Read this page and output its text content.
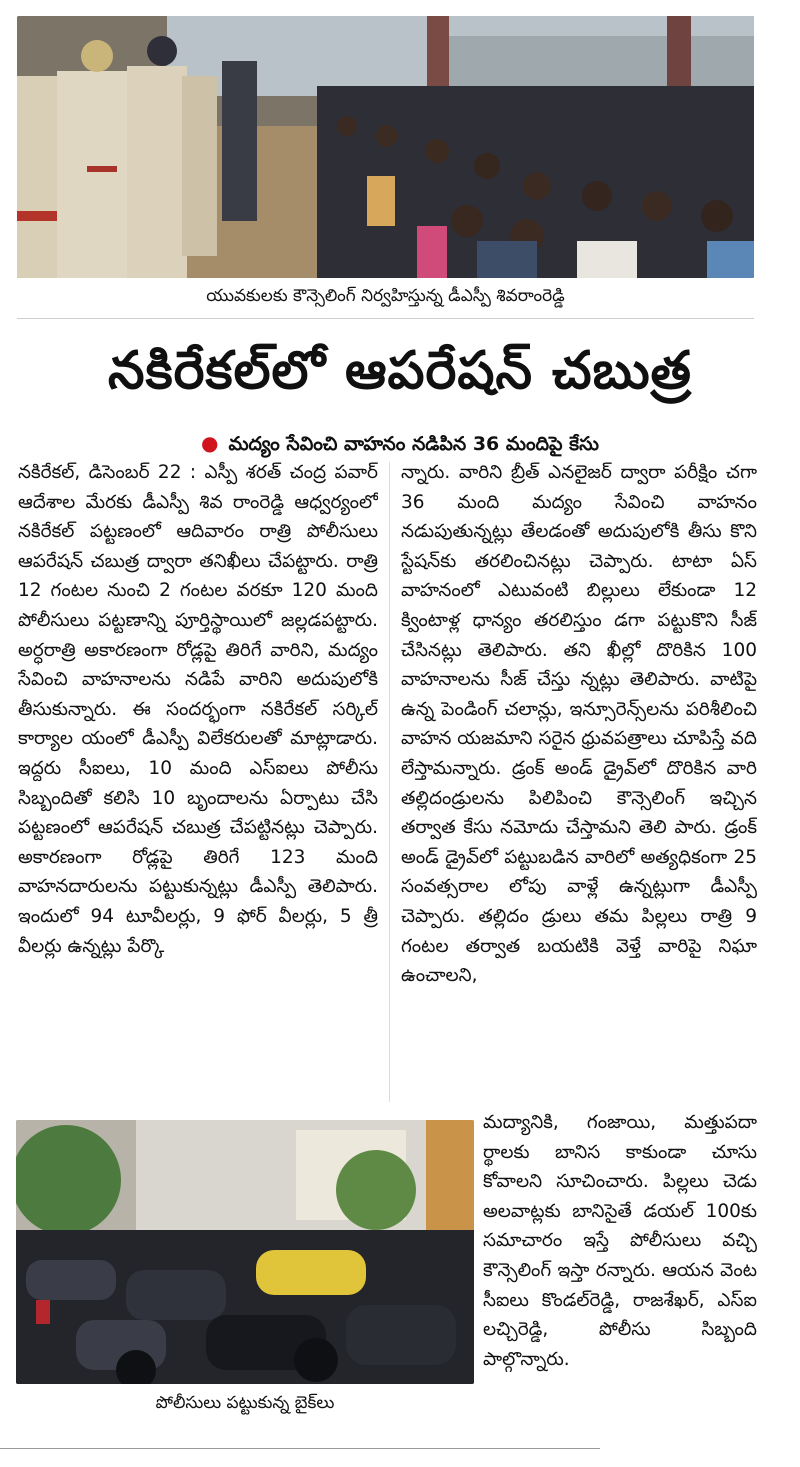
యువకులకు కౌన్సెలింగ్ నిర్వహిస్తున్న డీఎస్పీ శివరాంరెడ్డి
నకిరేకల్‌లో ఆపరేషన్ చబుత్ర
● మద్యం సేవించి వాహనం నడిపిన 36 మందిపై కేసు
నకిరేకల్, డిసెంబర్ 22 : ఎస్పీ శరత్ చంద్ర పవార్ ఆదేశాల మేరకు డీఎస్పీ శివ రాంరెడ్డి ఆధ్వర్యంలో నకిరేకల్ పట్టణంలో ఆదివారం రాత్రి పోలీసులు ఆపరేషన్ చబుత్ర ద్వారా తనిఖీలు చేపట్టారు. రాత్రి 12 గంటల నుంచి 2 గంటల వరకూ 120 మంది పోలీసులు పట్టణాన్ని పూర్తిస్థాయిలో జల్లడపట్టారు. అర్ధరాత్రి అకారణంగా రోడ్లపై తిరిగే వారిని, మద్యం సేవించి వాహనాలను నడిపే వారిని అదుపులోకి తీసుకున్నారు. ఈ సందర్భంగా నకిరేకల్ సర్కిల్ కార్యాల యంలో డీఎస్పీ విలేకరులతో మాట్లాడారు. ఇద్దరు సీఐలు, 10 మంది ఎస్ఐలు పోలీసు సిబ్బందితో కలిసి 10 బృందాలను ఏర్పాటు చేసి పట్టణంలో ఆపరేషన్ చబుత్ర చేపట్టినట్లు చెప్పారు. అకారణంగా రోడ్లపై తిరిగే 123 మంది వాహనదారులను పట్టుకున్నట్లు డీఎస్పీ తెలిపారు. ఇందులో 94 టూవీలర్లు, 9 ఫోర్ వీలర్లు, 5 త్రీ వీలర్లు ఉన్నట్లు పేర్కొ
న్నారు. వారిని బ్రీత్ ఎనలైజర్ ద్వారా పరీక్షిం చగా 36 మంది మద్యం సేవించి వాహనం నడుపుతున్నట్లు తేలడంతో అదుపులోకి తీసు కొని స్టేషన్‌కు తరలించినట్లు చెప్పారు. టాటా ఏస్ వాహనంలో ఎటువంటి బిల్లులు లేకుండా 12 క్వింటాళ్ల ధాన్యం తరలిస్తుం డగా పట్టుకొని సీజ్ చేసినట్లు తెలిపారు. తని ఖీల్లో దొరికిన 100 వాహనాలను సీజ్ చేస్తు న్నట్లు తెలిపారు. వాటిపై ఉన్న పెండింగ్ చలాన్లు, ఇన్సూరెన్స్‌లను పరిశీలించి వాహన యజమాని సరైన ధ్రువపత్రాలు చూపిస్తే వది లేస్తామన్నారు. డ్రంక్ అండ్ డ్రైవ్‌లో దొరికిన వారి తల్లిదండ్రులను పిలిపించి కౌన్సెలింగ్ ఇచ్చిన తర్వాత కేసు నమోదు చేస్తామని తెలి పారు. డ్రంక్ అండ్ డ్రైవ్‌లో పట్టుబడిన వారిలో అత్యధికంగా 25 సంవత్సరాల లోపు వాళ్లే ఉన్నట్లుగా డీఎస్పీ చెప్పారు. తల్లిదం డ్రులు తమ పిల్లలు రాత్రి 9 గంటల తర్వాత బయటికి వెళ్తే వారిపై నిఘా ఉంచాలని,
మద్యానికి, గంజాయి, మత్తుపదా ర్థాలకు బానిస కాకుండా చూసు కోవాలని సూచించారు. పిల్లలు చెడు అలవాట్లకు బానిసైతే డయల్ 100కు సమాచారం ఇస్తే పోలీసులు వచ్చి కౌన్సెలింగ్ ఇస్తా రన్నారు. ఆయన వెంట సీఐలు కొండల్‌రెడ్డి, రాజశేఖర్, ఎస్ఐ లచ్చిరెడ్డి, పోలీసు సిబ్బంది పాల్గొన్నారు.
పోలీసులు పట్టుకున్న బైక్‌లు
